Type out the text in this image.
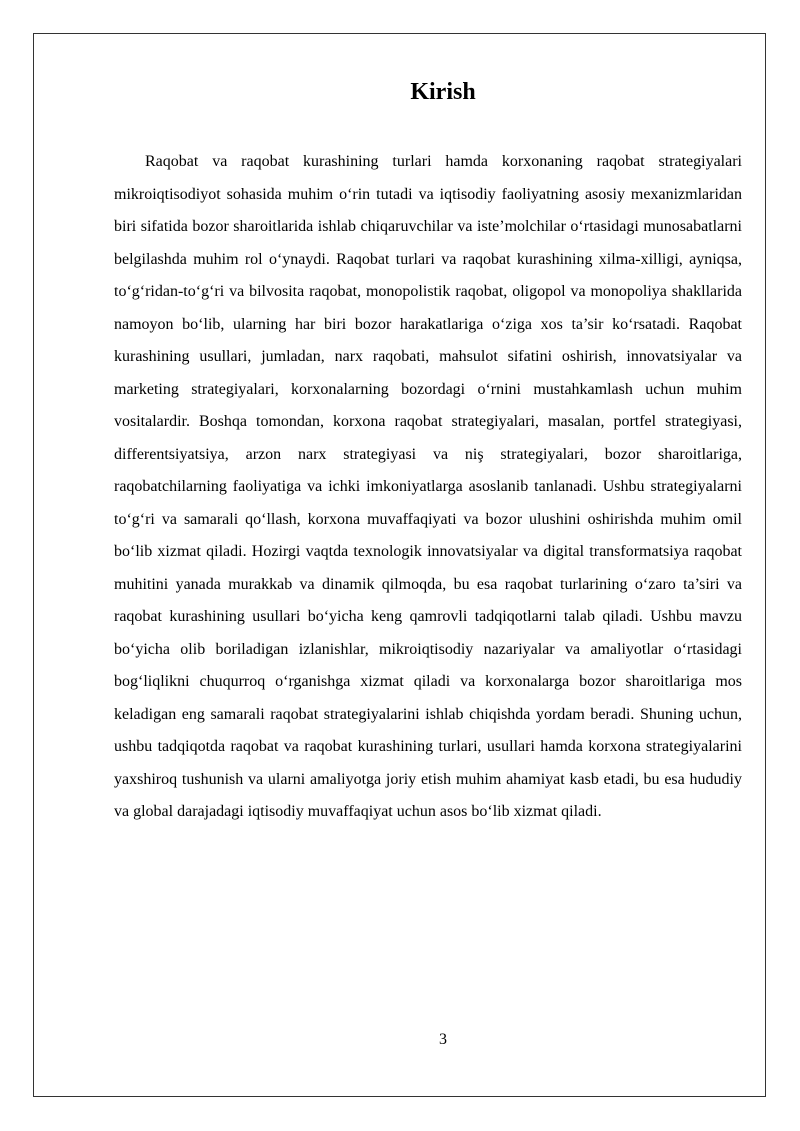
Kirish

Raqobat va raqobat kurashining turlari hamda korxonaning raqobat strategiyalari mikroiqtisodiyot sohasida muhim o‘rin tutadi va iqtisodiy faoliyatning asosiy mexanizmlaridan biri sifatida bozor sharoitlarida ishlab chiqaruvchilar va iste’molchilar o‘rtasidagi munosabatlarni belgilashda muhim rol o‘ynaydi. Raqobat turlari va raqobat kurashining xilma-xilligi, ayniqsa, to‘g‘ridan-to‘g‘ri va bilvosita raqobat, monopolistik raqobat, oligopol va monopoliya shakllarida namoyon bo‘lib, ularning har biri bozor harakatlariga o‘ziga xos ta’sir ko‘rsatadi. Raqobat kurashining usullari, jumladan, narx raqobati, mahsulot sifatini oshirish, innovatsiyalar va marketing strategiyalari, korxonalarning bozordagi o‘rnini mustahkamlash uchun muhim vositalardir. Boshqa tomondan, korxona raqobat strategiyalari, masalan, portfel strategiyasi, differentsiyatsiya, arzon narx strategiyasi va niş strategiyalari, bozor sharoitlariga, raqobatchilarning faoliyatiga va ichki imkoniyatlarga asoslanib tanlanadi. Ushbu strategiyalarni to‘g‘ri va samarali qo‘llash, korxona muvaffaqiyati va bozor ulushini oshirishda muhim omil bo‘lib xizmat qiladi. Hozirgi vaqtda texnologik innovatsiyalar va digital transformatsiya raqobat muhitini yanada murakkab va dinamik qilmoqda, bu esa raqobat turlarining o‘zaro ta’siri va raqobat kurashining usullari bo‘yicha keng qamrovli tadqiqotlarni talab qiladi. Ushbu mavzu bo‘yicha olib boriladigan izlanishlar, mikroiqtisodiy nazariyalar va amaliyotlar o‘rtasidagi bog‘liqlikni chuqurroq o‘rganishga xizmat qiladi va korxonalarga bozor sharoitlariga mos keladigan eng samarali raqobat strategiyalarini ishlab chiqishda yordam beradi. Shuning uchun, ushbu tadqiqotda raqobat va raqobat kurashining turlari, usullari hamda korxona strategiyalarini yaxshiroq tushunish va ularni amaliyotga joriy etish muhim ahamiyat kasb etadi, bu esa hududiy va global darajadagi iqtisodiy muvaffaqiyat uchun asos bo‘lib xizmat qiladi.

3
